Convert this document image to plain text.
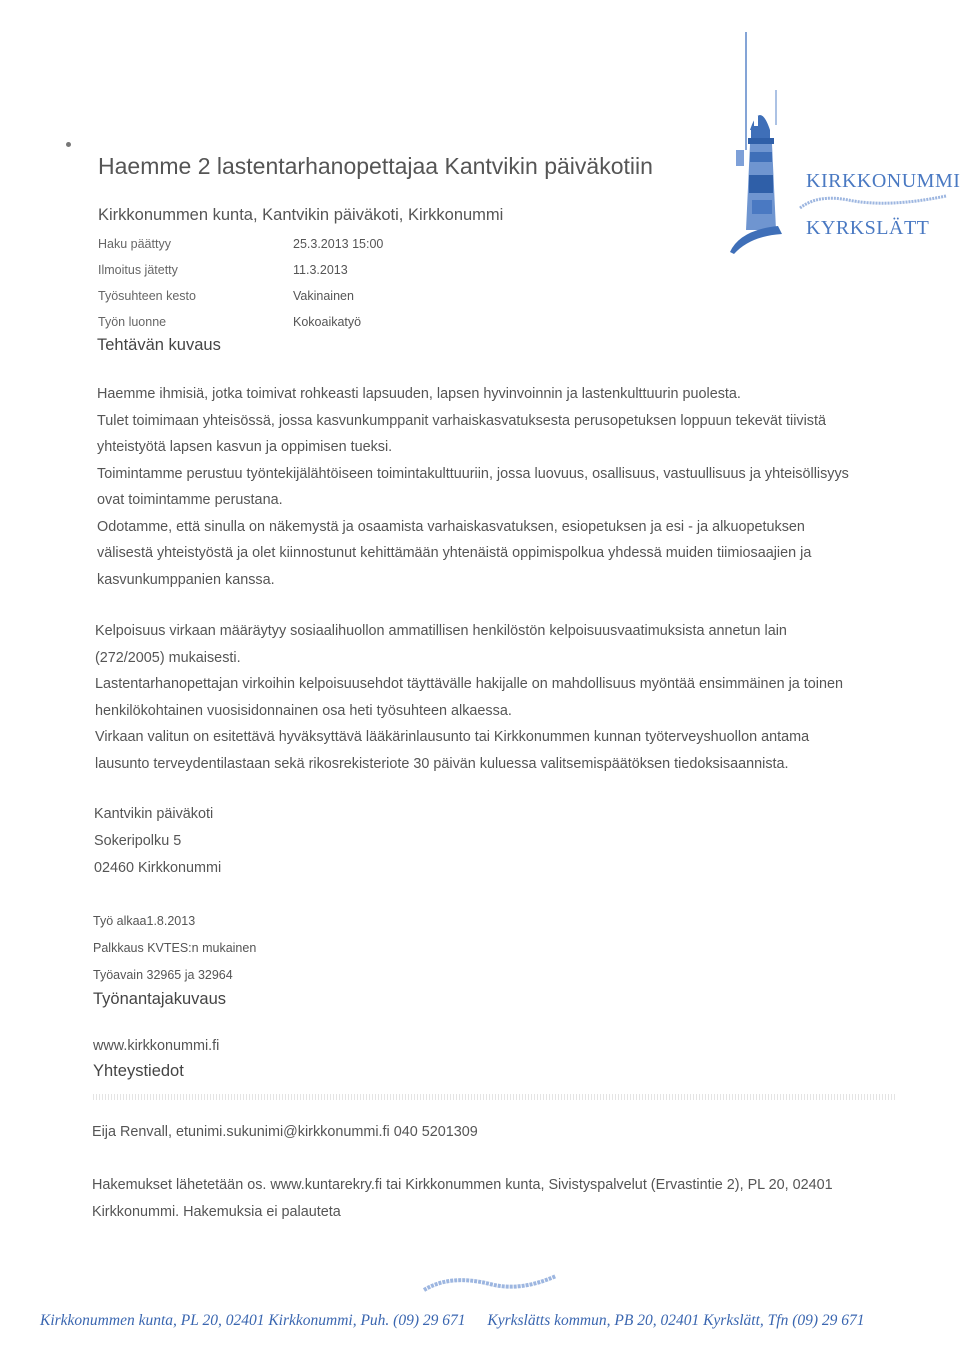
KIRKKONUMMI
KYRKSLÄTT
Haemme 2 lastentarhanopettajaa Kantvikin päiväkotiin
Kirkkonummen kunta, Kantvikin päiväkoti, Kirkkonummi
Haku päättyy	25.3.2013 15:00
Ilmoitus jätetty	11.3.2013
Työsuhteen kesto	Vakinainen
Työn luonne	Kokoaikatyö
Tehtävän kuvaus
Haemme ihmisiä, jotka toimivat rohkeasti lapsuuden, lapsen hyvinvoinnin ja lastenkulttuurin puolesta.
Tulet toimimaan yhteisössä, jossa kasvunkumppanit varhaiskasvatuksesta perusopetuksen loppuun tekevät tiivistä
yhteistyötä lapsen kasvun ja oppimisen tueksi.
Toimintamme perustuu työntekijälähtöiseen toimintakulttuuriin, jossa luovuus, osallisuus, vastuullisuus ja yhteisöllisyys
ovat toimintamme perustana.
Odotamme, että sinulla on näkemystä ja osaamista varhaiskasvatuksen, esiopetuksen ja esi - ja alkuopetuksen
välisestä yhteistyöstä ja olet kiinnostunut kehittämään yhtenäistä oppimispolkua yhdessä muiden tiimiosaajien ja
kasvunkumppanien kanssa.
Kelpoisuus virkaan määräytyy sosiaalihuollon ammatillisen henkilöstön kelpoisuusvaatimuksista annetun lain
(272/2005) mukaisesti.
Lastentarhanopettajan virkoihin kelpoisuusehdot täyttävälle hakijalle on mahdollisuus myöntää ensimmäinen ja toinen
henkilökohtainen vuosisidonnainen osa heti työsuhteen alkaessa.
Virkaan valitun on esitettävä hyväksyttävä lääkärinlausunto tai Kirkkonummen kunnan työterveyshuollon antama
lausunto terveydentilastaan sekä rikosrekisteriote 30 päivän kuluessa valitsemispäätöksen tiedoksisaannista.
Kantvikin päiväkoti
Sokeripolku 5
02460 Kirkkonummi
Työ alkaa1.8.2013
Palkkaus KVTES:n mukainen
Työavain 32965 ja 32964
Työnantajakuvaus
www.kirkkonummi.fi
Yhteystiedot
Eija Renvall, etunimi.sukunimi@kirkkonummi.fi 040 5201309
Hakemukset lähetetään os. www.kuntarekry.fi tai Kirkkonummen kunta, Sivistyspalvelut (Ervastintie 2), PL 20, 02401
Kirkkonummi. Hakemuksia ei palauteta
Kirkkonummen kunta, PL 20, 02401 Kirkkonummi, Puh. (09) 29 671 Kyrkslätts kommun, PB 20, 02401 Kyrkslätt, Tfn (09) 29 671
